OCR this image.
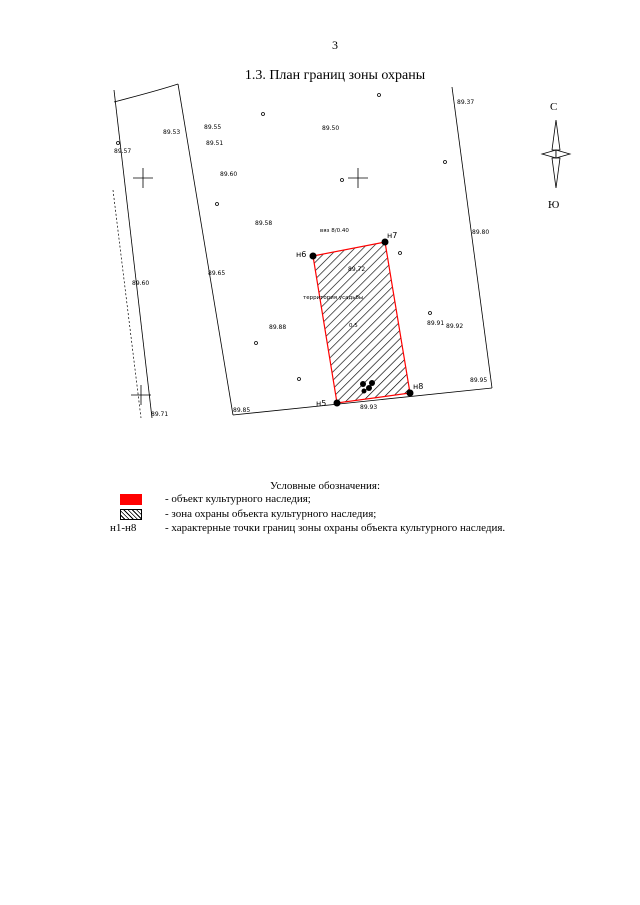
3
1.3. План границ зоны охраны
89.37
89.53
89.55
89.51
89.50
89.57
89.60
89.60
89.58
89.80
89.65
89.72
89.91 89.92
89.88
89.95
89.71
89.85	89.93
н6
н7
н8
н5
вяз 8/0.40
территория усадьбы
0.5
С
Ю
Условные обозначения:
- объект культурного наследия;
- зона охраны объекта культурного наследия;
н1-н8	- характерные точки границ зоны охраны объекта культурного наследия.
